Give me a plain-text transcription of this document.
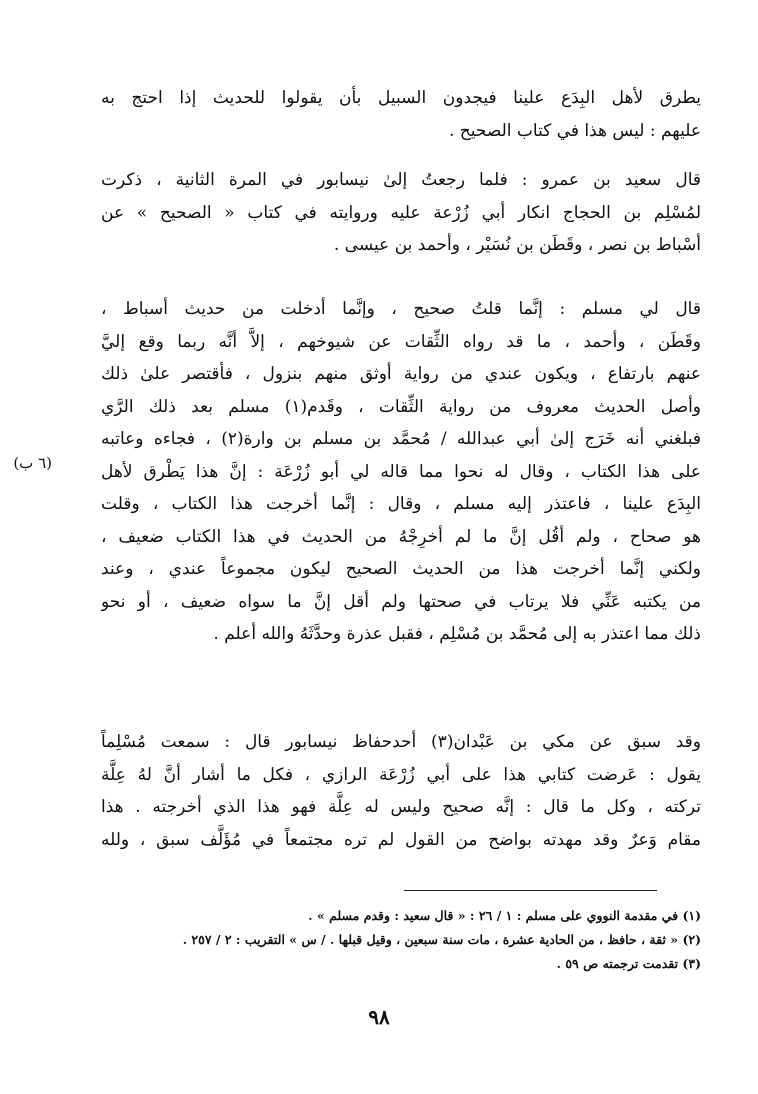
يطرق لأهل البِدَع علينا فيجدون السبيل بأن يقولوا للحديث إذا احتج به

عليهم : ليس هذا في كتاب الصحيح .

قال سعيد بن عمرو : فلما رجعتُ إلىٰ نيسابور في المرة الثانية ، ذكرت

لمُسْلِم بن الحجاج انكار أبي زُرْعة عليه وروايته في كتاب « الصحيح » عن

أسْباط بن نصر ، وقَطَن بن نُسَيْر ، وأحمد بن عيسى .

قال لي مسلم : إنَّما قلتُ صحيح ، وإنَّما أدخلت من حديث أسباط ،

وقَطَن ، وأحمد ، ما قد رواه الثِّقات عن شيوخهم ، إلاَّ أنَّه ربما وقع إليَّ

عنهم بارتفاع ، ويكون عندي من رواية أوثق منهم بنزول ، فأقتصر علىٰ ذلك

وأصل الحديث معروف من رواية الثِّقات ، وقَدم(١) مسلم بعد ذلك الرَّي

فبلغني أنه خَرَج إلىٰ أبي عبدالله / مُحمَّد بن مسلم بن وارة(٢) ، فجاءه وعاتبه

على هذا الكتاب ، وقال له نحوا مما قاله لي أبو زُرْعَة : إنَّ هذا يَطْرق لأهل

البِدَع علينا ، فاعتذر إليه مسلم ، وقال : إنَّما أخرجت هذا الكتاب ، وقلت

هو صحاح ، ولم أقُل إنَّ ما لم أخرِجْهُ من الحديث في هذا الكتاب ضعيف ،

ولكني إنَّما أخرجت هذا من الحديث الصحيح ليكون مجموعاً عندي ، وعند

من يكتبه عَنِّي فلا يرتاب في صحتها ولم أقل إنَّ ما سواه ضعيف ، أو نحو

ذلك مما اعتذر به إلى مُحمَّد بن مُسْلِم ، فقبل عذرة وحدَّثَهُ والله أعلم .

(٦ ب)

وقد سبق عن مكي بن عَبْدان(٣) أحدحفاظ نيسابور قال : سمعت مُسْلِماً

يقول : عَرضت كتابي هذا على أبي زُرْعَة الرازي ، فكل ما أشار أنَّ لهُ عِلَّة

تركته ، وكل ما قال : إنَّه صحيح وليس له عِلَّة فهو هذا الذي أخرجته . هذا

مقام وَعرٌ وقد مهدته بواضح من القول لم تره مجتمعاً في مُؤَلَّف سبق ، ولله

(١) في مقدمة النووي على مسلم : ١ / ٢٦ : « قال سعيد : وقدم مسلم » .

(٢) « ثقة ، حافظ ، من الحادية عشرة ، مات سنة سبعين ، وقيل قبلها . / س » التقريب : ٢ / ٢٥٧ .

(٣) تقدمت ترجمته ص ٥٩ .

٩٨
